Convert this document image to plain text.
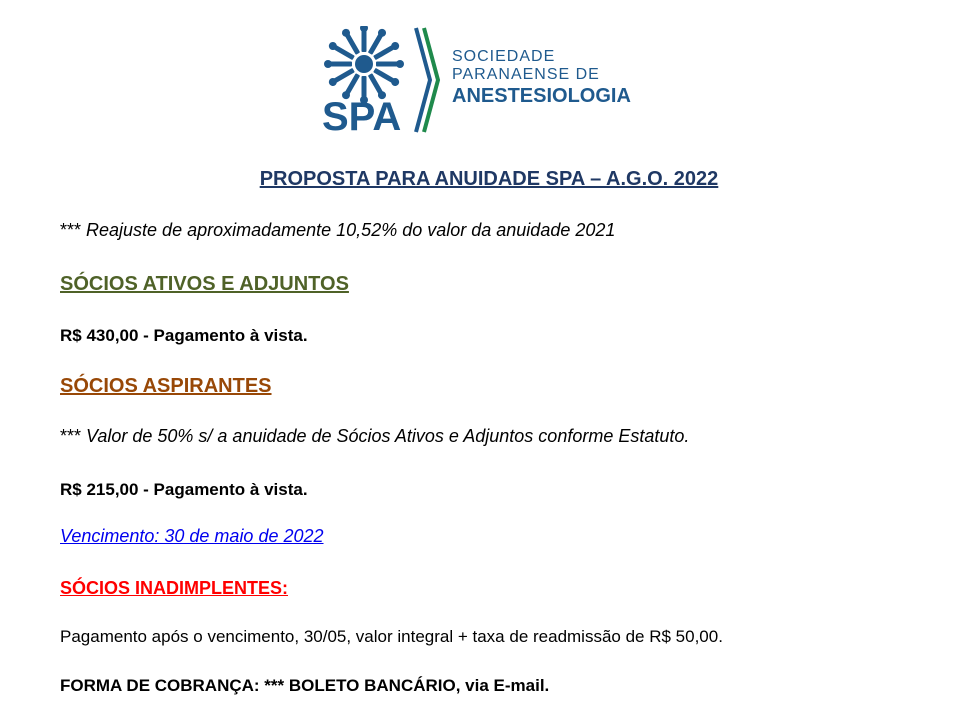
SPA
SOCIEDADE
PARANAENSE DE
ANESTESIOLOGIA
PROPOSTA PARA ANUIDADE SPA – A.G.O. 2022
*** Reajuste de aproximadamente 10,52% do valor da anuidade 2021
SÓCIOS ATIVOS E ADJUNTOS
R$ 430,00 - Pagamento à vista.
SÓCIOS ASPIRANTES
*** Valor de 50% s/ a anuidade de Sócios Ativos e Adjuntos conforme Estatuto.
R$ 215,00 - Pagamento à vista.
Vencimento: 30 de maio de 2022
SÓCIOS INADIMPLENTES:
Pagamento após o vencimento, 30/05, valor integral + taxa de readmissão de R$ 50,00.
FORMA DE COBRANÇA: *** BOLETO BANCÁRIO, via E-mail.
